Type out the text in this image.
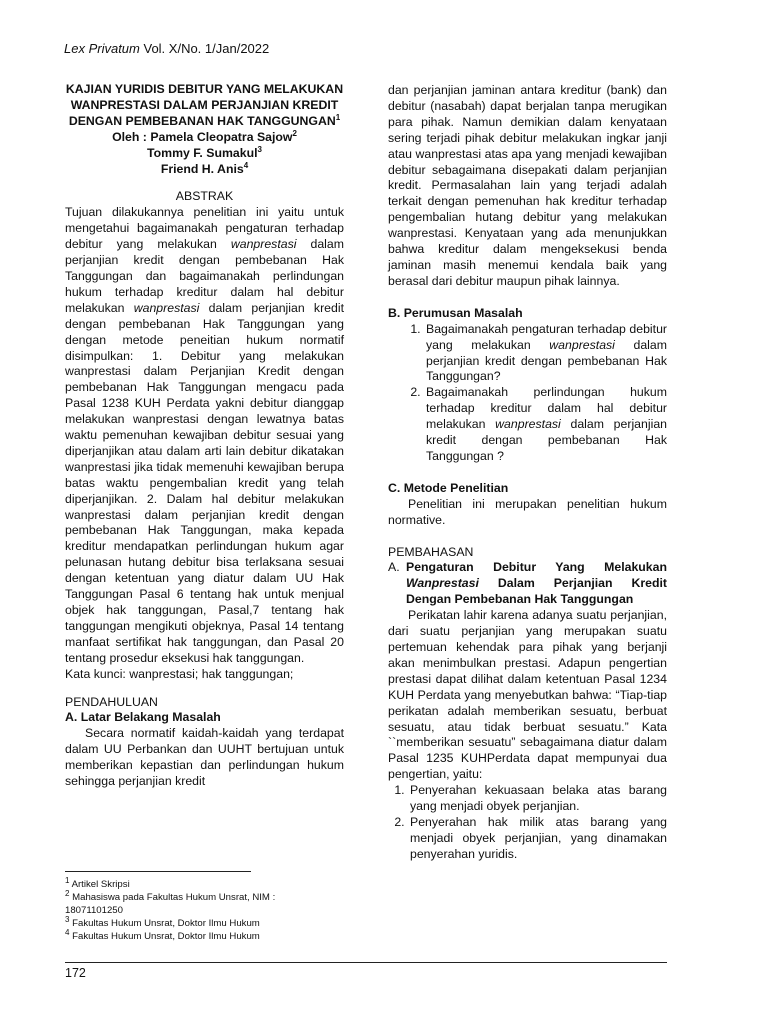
Lex Privatum Vol. X/No. 1/Jan/2022
KAJIAN YURIDIS DEBITUR YANG MELAKUKAN
WANPRESTASI DALAM PERJANJIAN KREDIT
DENGAN PEMBEBANAN HAK TANGGUNGAN$^1$
Oleh : Pamela Cleopatra Sajow$^2$
Tommy F. Sumakul$^3$
Friend H. Anis$^4$
ABSTRAK

Tujuan dilakukannya penelitian ini yaitu untuk mengetahui bagaimanakah pengaturan terhadap debitur yang melakukan wanprestasi dalam perjanjian kredit dengan pembebanan Hak Tanggungan dan bagaimanakah perlindungan hukum terhadap kreditur dalam hal debitur melakukan wanprestasi dalam perjanjian kredit dengan pembebanan Hak Tanggungan yang dengan metode peneitian hukum normatif disimpulkan: 1. Debitur yang melakukan wanprestasi dalam Perjanjian Kredit dengan pembebanan Hak Tanggungan mengacu pada Pasal 1238 KUH Perdata yakni debitur dianggap melakukan wanprestasi dengan lewatnya batas waktu pemenuhan kewajiban debitur sesuai yang diperjanjikan atau dalam arti lain debitur dikatakan wanprestasi jika tidak memenuhi kewajiban berupa batas waktu pengembalian kredit yang telah diperjanjikan. 2. Dalam hal debitur melakukan wanprestasi dalam perjanjian kredit dengan pembebanan Hak Tanggungan, maka kepada kreditur mendapatkan perlindungan hukum agar pelunasan hutang debitur bisa terlaksana sesuai dengan ketentuan yang diatur dalam UU Hak Tanggungan Pasal 6 tentang hak untuk menjual objek hak tanggungan, Pasal,7 tentang hak tanggungan mengikuti objeknya, Pasal 14 tentang manfaat sertifikat hak tanggungan, dan Pasal 20 tentang prosedur eksekusi hak tanggungan.

Kata kunci: wanprestasi; hak tanggungan;

PENDAHULUAN

A. Latar Belakang Masalah

Secara normatif kaidah-kaidah yang terdapat dalam UU Perbankan dan UUHT bertujuan untuk memberikan kepastian dan perlindungan hukum sehingga perjanjian kredit

dan perjanjian jaminan antara kreditur (bank) dan debitur (nasabah) dapat berjalan tanpa merugikan para pihak. Namun demikian dalam kenyataan sering terjadi pihak debitur melakukan ingkar janji atau wanprestasi atas apa yang menjadi kewajiban debitur sebagaimana disepakati dalam perjanjian kredit. Permasalahan lain yang terjadi adalah terkait dengan pemenuhan hak kreditur terhadap pengembalian hutang debitur yang melakukan wanprestasi. Kenyataan yang ada menunjukkan bahwa kreditur dalam mengeksekusi benda jaminan masih menemui kendala baik yang berasal dari debitur maupun pihak lainnya.

B. Perumusan Masalah

1. Bagaimanakah pengaturan terhadap debitur yang melakukan wanprestasi dalam perjanjian kredit dengan pembebanan Hak Tanggungan?
2. Bagaimanakah perlindungan hukum terhadap kreditur dalam hal debitur melakukan wanprestasi dalam perjanjian kredit dengan pembebanan Hak Tanggungan ?

C. Metode Penelitian

Penelitian ini merupakan penelitian hukum normative.

PEMBAHASAN

A. Pengaturan Debitur Yang Melakukan Wanprestasi Dalam Perjanjian Kredit Dengan Pembebanan Hak Tanggungan

Perikatan lahir karena adanya suatu perjanjian, dari suatu perjanjian yang merupakan suatu pertemuan kehendak para pihak yang berjanji akan menimbulkan prestasi. Adapun pengertian prestasi dapat dilihat dalam ketentuan Pasal 1234 KUH Perdata yang menyebutkan bahwa: “Tiap-tiap perikatan adalah memberikan sesuatu, berbuat sesuatu, atau tidak berbuat sesuatu.” Kata ``memberikan sesuatu” sebagaimana diatur dalam Pasal 1235 KUHPerdata dapat mempunyai dua pengertian, yaitu:

1. Penyerahan kekuasaan belaka atas barang yang menjadi obyek perjanjian.
2. Penyerahan hak milik atas barang yang menjadi obyek perjanjian, yang dinamakan penyerahan yuridis.

$^1$ Artikel Skripsi

$^2$ Mahasiswa pada Fakultas Hukum Unsrat, NIM : 18071101250

$^3$ Fakultas Hukum Unsrat, Doktor Ilmu Hukum

$^4$ Fakultas Hukum Unsrat, Doktor Ilmu Hukum

172
